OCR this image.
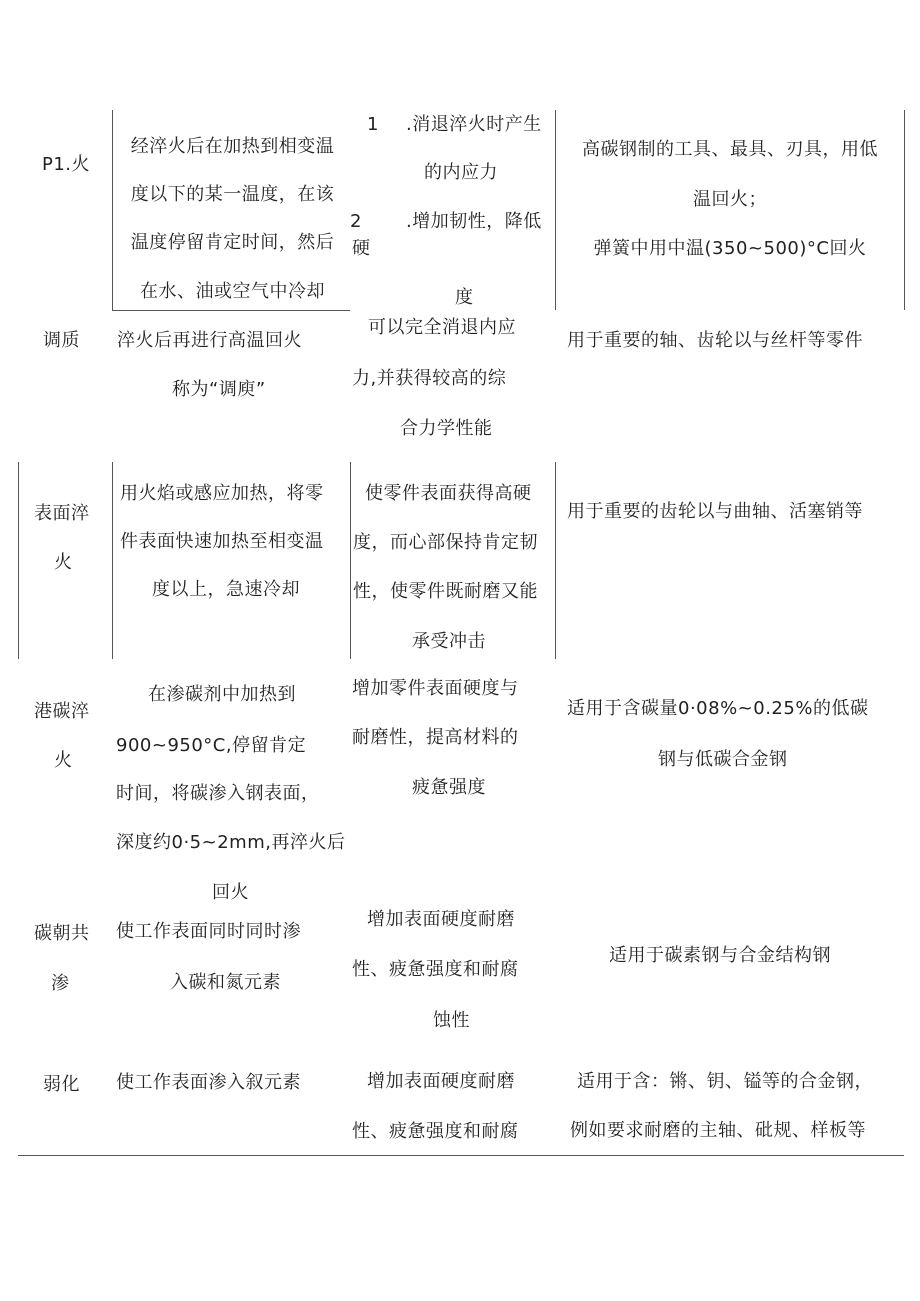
P1.火
经淬火后在加热到相变温
度以下的某一温度，在该
温度停留肯定时间，然后
在水、油或空气中冷却
1 .消退淬火时产生
的内应力
2
硬
.增加韧性，降低
度
高碳钢制的工具、最具、刃具，用低
温回火；
弹簧中用中温(350~500)°C回火
调质 淬火后再进行高温回火
称为“调庾”
可以完全消退内应
力,并获得较高的综
合力学性能
用于重要的轴、齿轮以与丝杆等零件
表面淬
火
用火焰或感应加热，将零
件表面快速加热至相变温
度以上，急速冷却
使零件表面获得高硬
度，而心部保持肯定韧
性，使零件既耐磨又能
承受冲击
用于重要的齿轮以与曲轴、活塞销等
港碳淬
火
在渗碳剂中加热到
900~950°C,停留肯定
时间，将碳渗入钢表面，
深度约0·5~2mm,再淬火后
回火
增加零件表面硬度与
耐磨性，提高材料的
疲惫强度
适用于含碳量0·08%~0.25%的低碳
钢与低碳合金钢
碳朝共
渗
使工作表面同时同时渗
入碳和氮元素
增加表面硬度耐磨
性、疲惫强度和耐腐
蚀性
适用于碳素钢与合金结构钢
弱化 使工作表面渗入叙元素	增加表面硬度耐磨
性、疲惫强度和耐腐
适用于含：锵、钥、镒等的合金钢，
例如要求耐磨的主轴、砒规、样板等
